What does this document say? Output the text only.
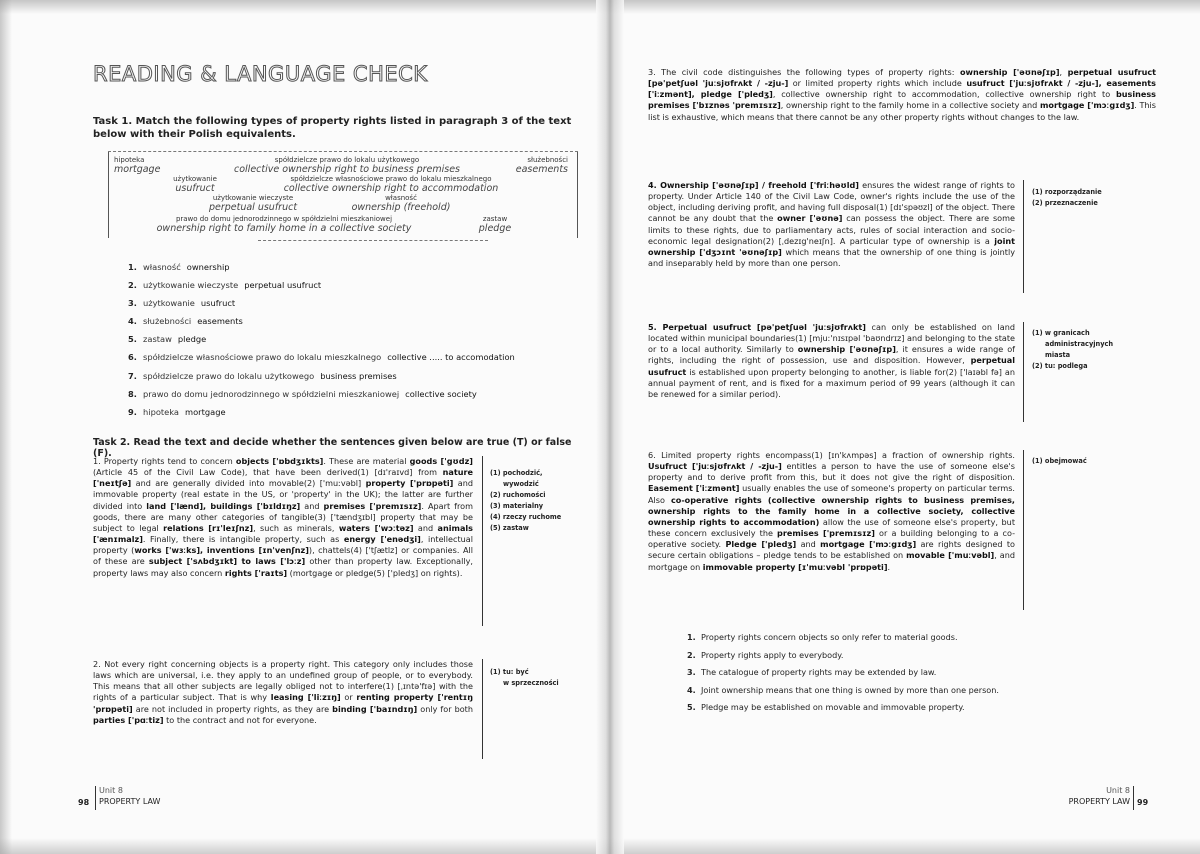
READING & LANGUAGE CHECK
Task 1. Match the following types of property rights listed in paragraph 3 of the text below with their Polish equivalents.
hipoteka
mortgage
spółdzielcze prawo do lokalu użytkowego
collective ownership right to business premises
służebności
easements
użytkowanie
usufruct
spółdzielcze własnościowe prawo do lokalu mieszkalnego
collective ownership right to accommodation
użytkowanie wieczyste
perpetual usufruct
własność
ownership (freehold)
prawo do domu jednorodzinnego w spółdzielni mieszkaniowej
ownership right to family home in a collective society
zastaw
pledge
1. własność ownership
2. użytkowanie wieczyste perpetual usufruct
3. użytkowanie usufruct
4. służebności easements
5. zastaw pledge
6. spółdzielcze własnościowe prawo do lokalu mieszkalnego collective ..... to accomodation
7. spółdzielcze prawo do lokalu użytkowego business premises
8. prawo do domu jednorodzinnego w spółdzielni mieszkaniowej collective society
9. hipoteka mortgage
Task 2. Read the text and decide whether the sentences given below are true (T) or false (F).
1. Property rights tend to concern objects ['ɒbdʒɪkts]. These are material goods ['gʊdz] (Article 45 of the Civil Law Code), that have been derived(1) [dɪ'raɪvd] from nature ['neɪtʃə] and are generally divided into movable(2) ['muːvəbl] property ['prɒpəti] and immovable property (real estate in the US, or 'property' in the UK); the latter are further divided into land ['lænd], buildings ['bɪldɪŋz] and premises ['premɪsɪz]. Apart from goods, there are many other categories of tangible(3) ['tændʒɪbl] property that may be subject to legal relations [rɪ'leɪʃnz], such as minerals, waters ['wɔːtəz] and animals ['ænɪmalz]. Finally, there is intangible property, such as energy ['enədʒi], intellectual property (works ['wɜːks], inventions [ɪn'venʃnz]), chattels(4) ['tʃætlz] or companies. All of these are subject ['sʌbdʒɪkt] to laws ['lɔːz] other than property law. Exceptionally, property laws may also concern rights ['raɪts] (mortgage or pledge(5) ['pledʒ] on rights).
(1) pochodzić,
wywodzić
(2) ruchomości
(3) materialny
(4) rzeczy ruchome
(5) zastaw
2. Not every right concerning objects is a property right. This category only includes those laws which are universal, i.e. they apply to an undefined group of people, or to everybody. This means that all other subjects are legally obliged not to interfere(1) [ˌɪntə'fɪə] with the rights of a particular subject. That is why leasing ['liːzɪŋ] or renting property ['rentɪŋ 'prɒpəti] are not included in property rights, as they are binding ['baɪndɪŋ] only for both parties ['pɑːtiz] to the contract and not for everyone.
(1) tu: być
w sprzeczności
98
Unit 8
PROPERTY LAW
3. The civil code distinguishes the following types of property rights: ownership ['əʊnəʃɪp], perpetual usufruct [pə'petʃuəl 'juːsjʊfrʌkt / -zju-] or limited property rights which include usufruct ['juːsjʊfrʌkt / -zju-], easements ['iːzmənt], pledge ['pledʒ], collective ownership right to accommodation, collective ownership right to business premises ['bɪznəs 'premɪsɪz], ownership right to the family home in a collective society and mortgage ['mɔːgɪdʒ]. This list is exhaustive, which means that there cannot be any other property rights without changes to the law.
4. Ownership ['əʊnəʃɪp] / freehold ['friːhəʊld] ensures the widest range of rights to property. Under Article 140 of the Civil Law Code, owner's rights include the use of the object, including deriving profit, and having full disposal(1) [dɪ'spəʊzl] of the object. There cannot be any doubt that the owner ['əʊnə] can possess the object. There are some limits to these rights, due to parliamentary acts, rules of social interaction and socio-economic legal designation(2) [ˌdezɪg'neɪʃn]. A particular type of ownership is a joint ownership ['dʒɔɪnt 'əʊnəʃɪp] which means that the ownership of one thing is jointly and inseparably held by more than one person.
(1) rozporządzanie
(2) przeznaczenie
5. Perpetual usufruct [pə'petʃuəl 'juːsjʊfrʌkt] can only be established on land located within municipal boundaries(1) [mjuː'nɪsɪpəl 'baʊndrɪz] and belonging to the state or to a local authority. Similarly to ownership ['əʊnəʃɪp], it ensures a wide range of rights, including the right of possession, use and disposition. However, perpetual usufruct is established upon property belonging to another, is liable for(2) ['laɪəbl fə] an annual payment of rent, and is fixed for a maximum period of 99 years (although it can be renewed for a similar period).
(1) w granicach
administracyjnych
miasta
(2) tu: podlega
6. Limited property rights encompass(1) [ɪn'kʌmpəs] a fraction of ownership rights. Usufruct ['juːsjʊfrʌkt / -zju-] entitles a person to have the use of someone else's property and to derive profit from this, but it does not give the right of disposition. Easement ['iːzmənt] usually enables the use of someone's property on particular terms. Also co-operative rights (collective ownership rights to business premises, ownership rights to the family home in a collective society, collective ownership rights to accommodation) allow the use of someone else's property, but these concern exclusively the premises ['premɪsɪz] or a building belonging to a co-operative society. Pledge ['pledʒ] and mortgage ['mɔːgɪdʒ] are rights designed to secure certain obligations – pledge tends to be established on movable ['muːvəbl], and mortgage on immovable property [ɪ'muːvəbl 'prɒpəti].
(1) obejmować
1. Property rights concern objects so only refer to material goods.
2. Property rights apply to everybody.
3. The catalogue of property rights may be extended by law.
4. Joint ownership means that one thing is owned by more than one person.
5. Pledge may be established on movable and immovable property.
Unit 8
PROPERTY LAW 99
